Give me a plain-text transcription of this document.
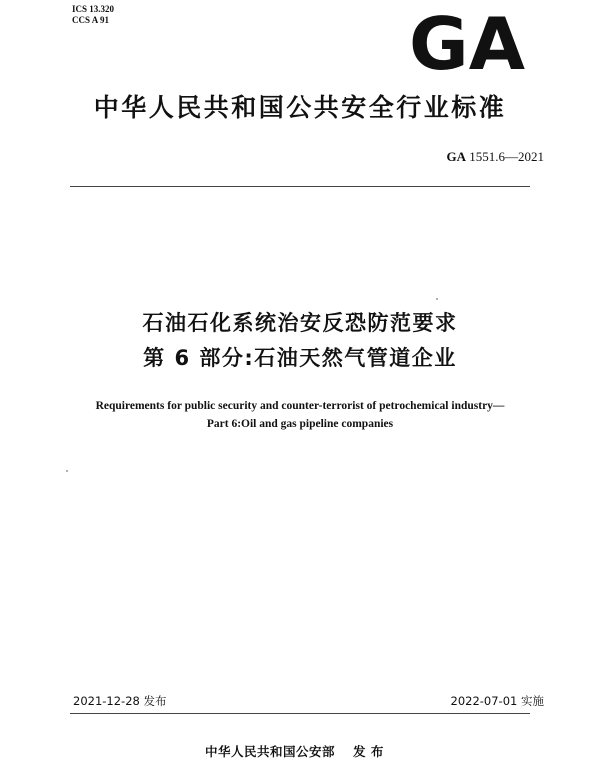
ICS 13.320
CCS A 91	GA
中华人民共和国公共安全行业标准
GA 1551.6—2021
石油石化系统治安反恐防范要求
第 6 部分:石油天然气管道企业
Requirements for public security and counter-terrorist of petrochemical industry—
Part 6:Oil and gas pipeline companies
2021-12-28 发布	2022-07-01 实施
中华人民共和国公安部 发 布
